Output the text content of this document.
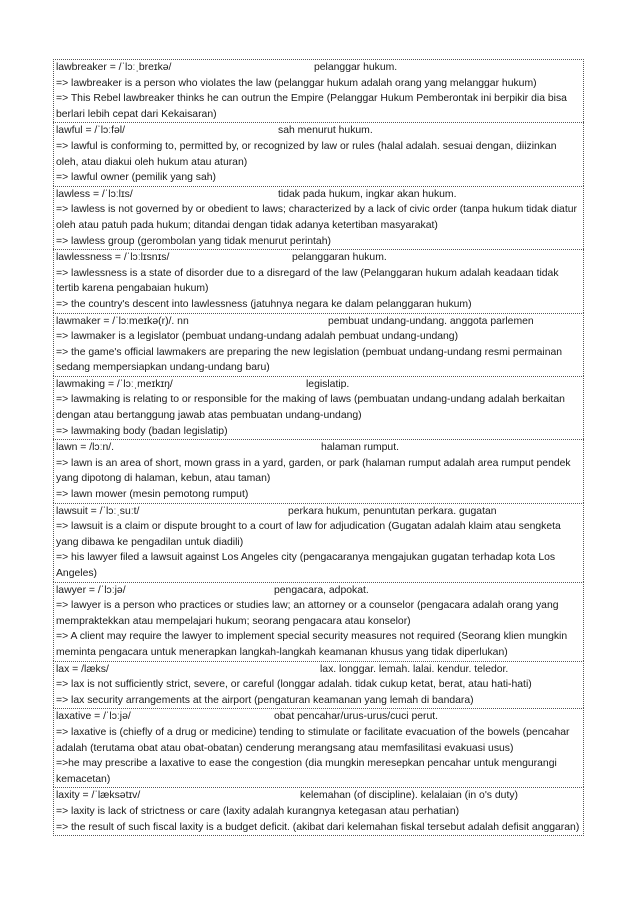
lawbreaker = /ˈlɔːˌbreɪkə/	pelanggar hukum.
=> lawbreaker is a person who violates the law (pelanggar hukum adalah orang yang melanggar hukum)
=> This Rebel lawbreaker thinks he can outrun the Empire (Pelanggar Hukum Pemberontak ini berpikir dia bisa berlari lebih cepat dari Kekaisaran)
lawful = /ˈlɔːfəl/	sah menurut hukum.
=> lawful is conforming to, permitted by, or recognized by law or rules (halal adalah. sesuai dengan, diizinkan oleh, atau diakui oleh hukum atau aturan)
=> lawful owner (pemilik yang sah)
lawless = /ˈlɔːlɪs/	tidak pada hukum, ingkar akan hukum.
=> lawless is not governed by or obedient to laws; characterized by a lack of civic order (tanpa hukum tidak diatur oleh atau patuh pada hukum; ditandai dengan tidak adanya ketertiban masyarakat)
=> lawless group (gerombolan yang tidak menurut perintah)
lawlessness = /ˈlɔːlɪsnɪs/	pelanggaran hukum.
=> lawlessness is a state of disorder due to a disregard of the law (Pelanggaran hukum adalah keadaan tidak tertib karena pengabaian hukum)
=> the country's descent into lawlessness (jatuhnya negara ke dalam pelanggaran hukum)
lawmaker = /ˈlɔːmeɪkə(r)/. nn	pembuat undang-undang. anggota parlemen
=> lawmaker is a legislator (pembuat undang-undang adalah pembuat undang-undang)
=> the game's official lawmakers are preparing the new legislation (pembuat undang-undang resmi permainan sedang mempersiapkan undang-undang baru)
lawmaking = /ˈlɔːˌmeɪkɪŋ/	legislatip.
=> lawmaking is relating to or responsible for the making of laws (pembuatan undang-undang adalah berkaitan dengan atau bertanggung jawab atas pembuatan undang-undang)
=> lawmaking body (badan legislatip)
lawn = /lɔːn/.	halaman rumput.
=> lawn is an area of short, mown grass in a yard, garden, or park (halaman rumput adalah area rumput pendek yang dipotong di halaman, kebun, atau taman)
=> lawn mower (mesin pemotong rumput)
lawsuit = /ˈlɔːˌsuːt/	perkara hukum, penuntutan perkara. gugatan
=> lawsuit is a claim or dispute brought to a court of law for adjudication (Gugatan adalah klaim atau sengketa yang dibawa ke pengadilan untuk diadili)
=> his lawyer filed a lawsuit against Los Angeles city (pengacaranya mengajukan gugatan terhadap kota Los Angeles)
lawyer = /ˈlɔːjə/	pengacara, adpokat.
=> lawyer is a person who practices or studies law; an attorney or a counselor (pengacara adalah orang yang mempraktekkan atau mempelajari hukum; seorang pengacara atau konselor)
=> A client may require the lawyer to implement special security measures not required (Seorang klien mungkin meminta pengacara untuk menerapkan langkah-langkah keamanan khusus yang tidak diperlukan)
lax = /læks/	lax. longgar. lemah. lalai. kendur. teledor.
=> lax is not sufficiently strict, severe, or careful (longgar adalah. tidak cukup ketat, berat, atau hati-hati)
=> lax security arrangements at the airport (pengaturan keamanan yang lemah di bandara)
laxative = /ˈlɔːjə/	obat pencahar/urus-urus/cuci perut.
=> laxative is (chiefly of a drug or medicine) tending to stimulate or facilitate evacuation of the bowels (pencahar adalah (terutama obat atau obat-obatan) cenderung merangsang atau memfasilitasi evakuasi usus)
=>he may prescribe a laxative to ease the congestion (dia mungkin meresepkan pencahar untuk mengurangi kemacetan)
laxity = /ˈlæksətɪv/	kelemahan (of discipline). kelalaian (in o's duty)
=> laxity is lack of strictness or care (laxity adalah kurangnya ketegasan atau perhatian)
=> the result of such fiscal laxity is a budget deficit. (akibat dari kelemahan fiskal tersebut adalah defisit anggaran)
